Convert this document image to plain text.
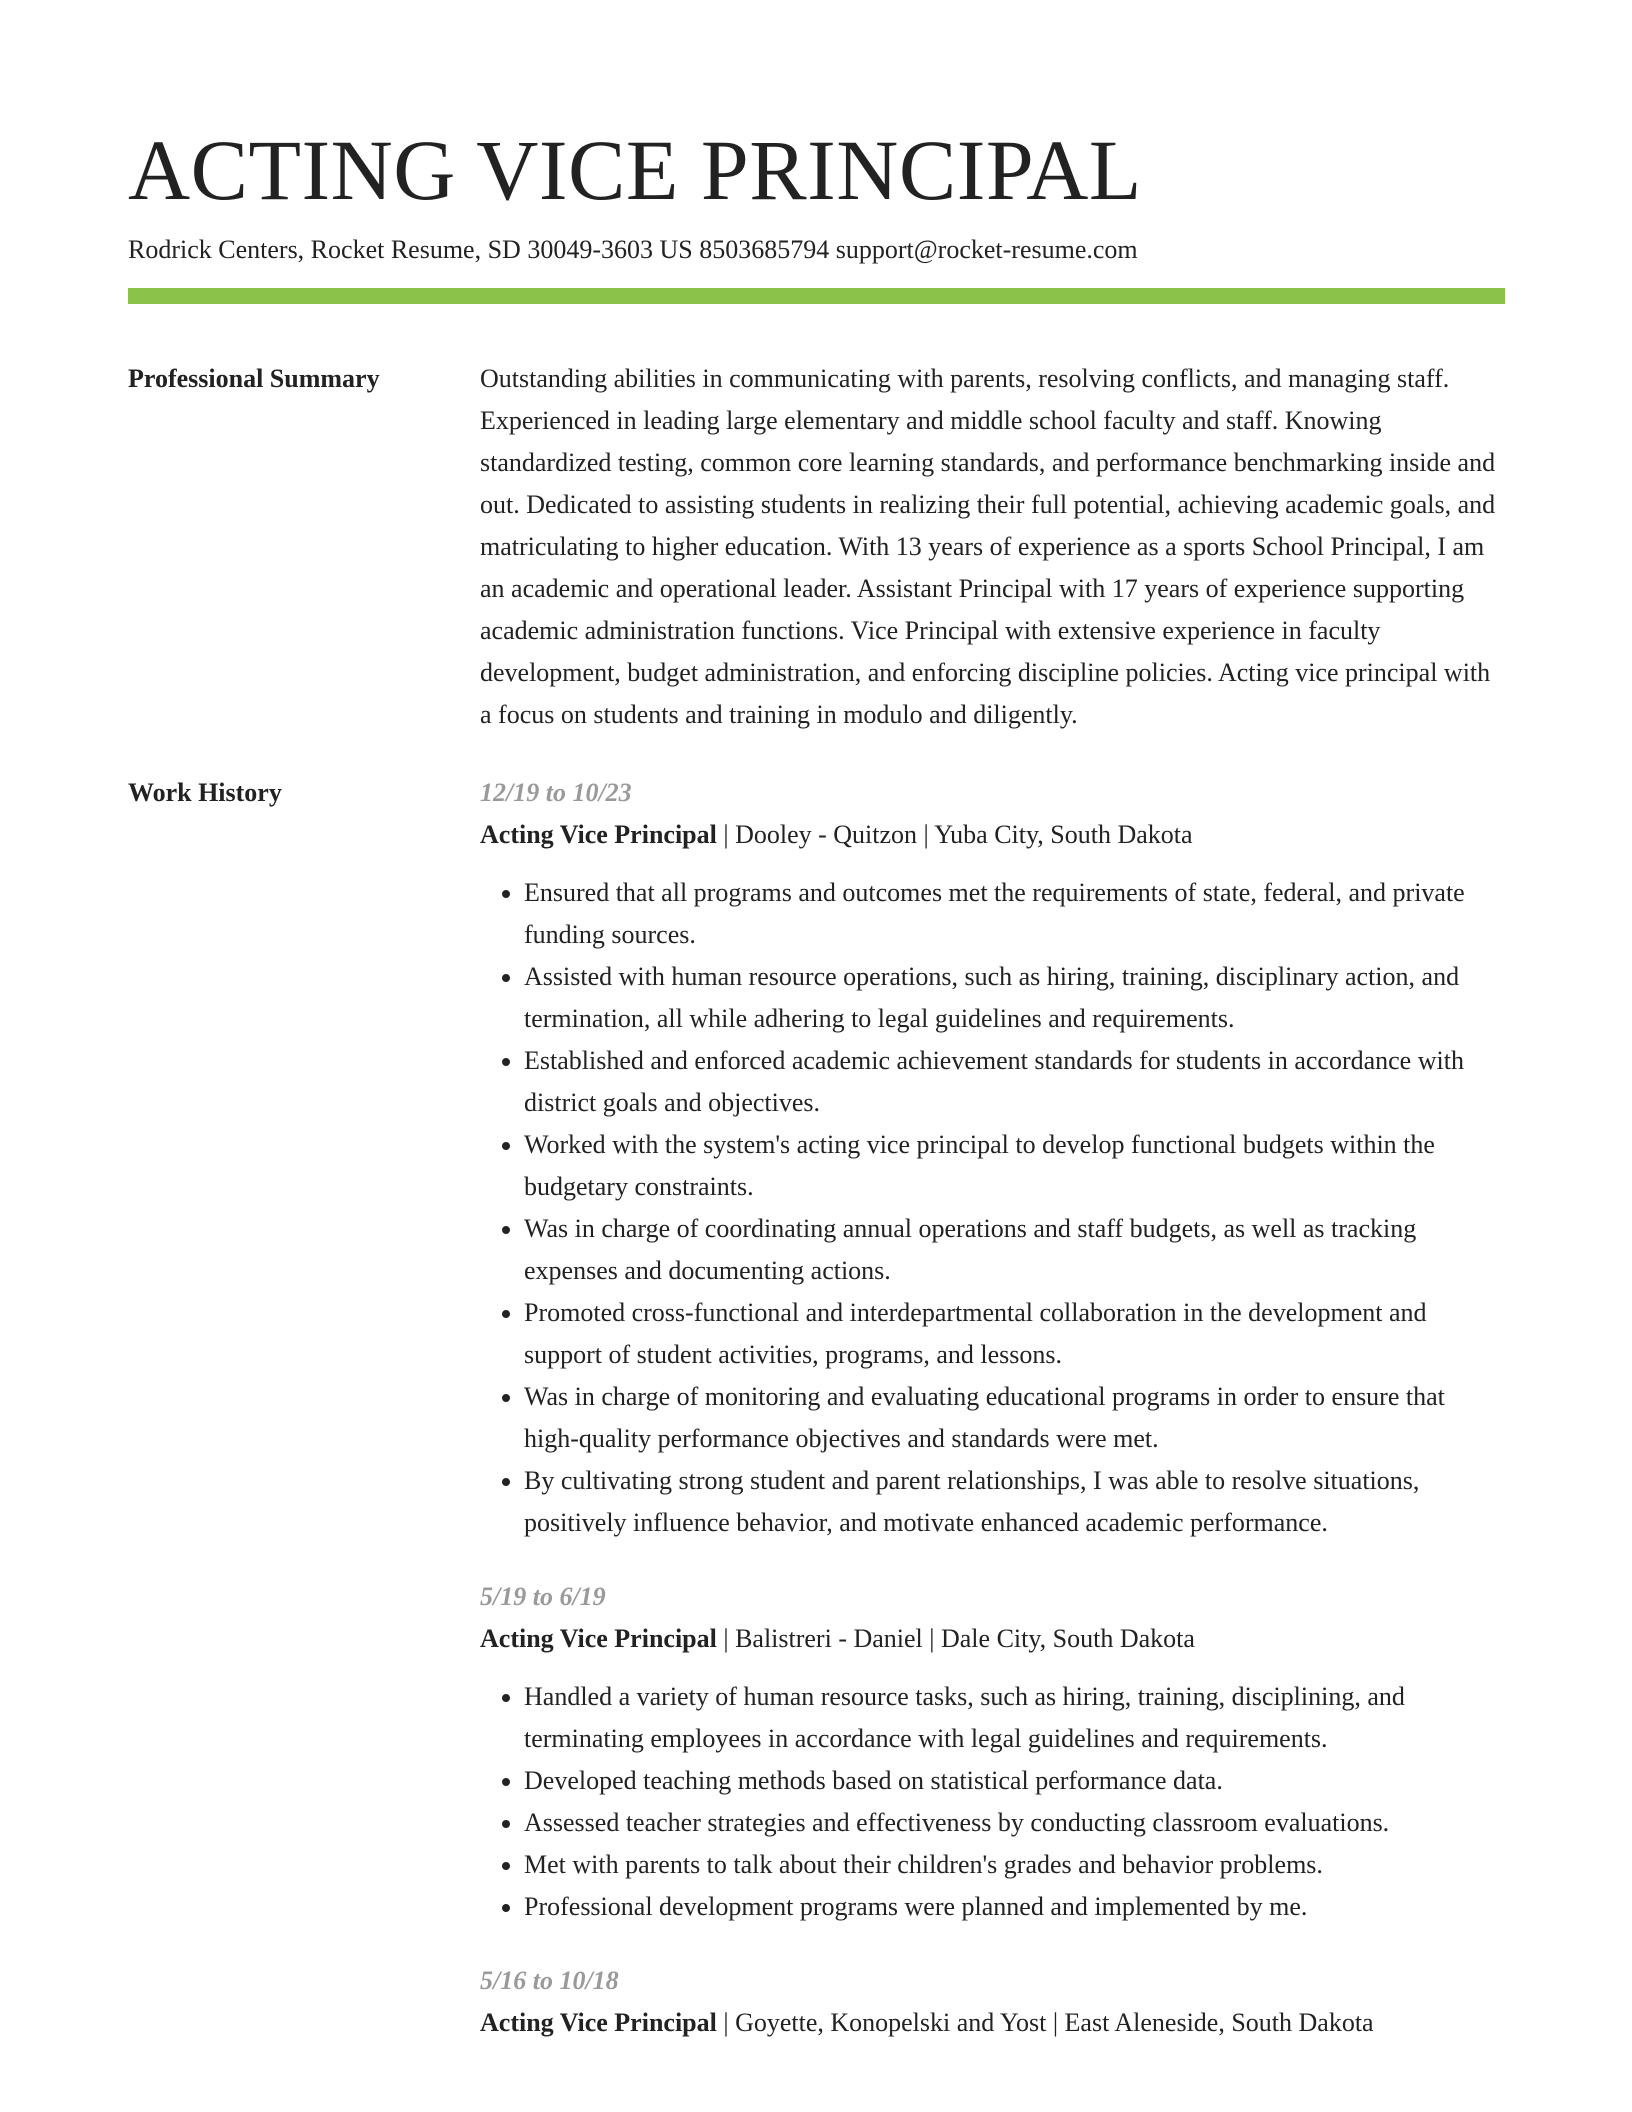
ACTING VICE PRINCIPAL
Rodrick Centers, Rocket Resume, SD 30049-3603 US 8503685794 support@rocket-resume.com
Professional Summary	Outstanding abilities in communicating with parents, resolving conflicts, and managing staff. Experienced in leading large elementary and middle school faculty and staff. Knowing standardized testing, common core learning standards, and performance benchmarking inside and out. Dedicated to assisting students in realizing their full potential, achieving academic goals, and matriculating to higher education. With 13 years of experience as a sports School Principal, I am an academic and operational leader. Assistant Principal with 17 years of experience supporting academic administration functions. Vice Principal with extensive experience in faculty development, budget administration, and enforcing discipline policies. Acting vice principal with a focus on students and training in modulo and diligently.

Work History	12/19 to 10/23
Acting Vice Principal | Dooley - Quitzon | Yuba City, South Dakota
• Ensured that all programs and outcomes met the requirements of state, federal, and private funding sources.
• Assisted with human resource operations, such as hiring, training, disciplinary action, and termination, all while adhering to legal guidelines and requirements.
• Established and enforced academic achievement standards for students in accordance with district goals and objectives.
• Worked with the system's acting vice principal to develop functional budgets within the budgetary constraints.
• Was in charge of coordinating annual operations and staff budgets, as well as tracking expenses and documenting actions.
• Promoted cross-functional and interdepartmental collaboration in the development and support of student activities, programs, and lessons.
• Was in charge of monitoring and evaluating educational programs in order to ensure that high-quality performance objectives and standards were met.
• By cultivating strong student and parent relationships, I was able to resolve situations, positively influence behavior, and motivate enhanced academic performance.
5/19 to 6/19
Acting Vice Principal | Balistreri - Daniel | Dale City, South Dakota
• Handled a variety of human resource tasks, such as hiring, training, disciplining, and terminating employees in accordance with legal guidelines and requirements.
• Developed teaching methods based on statistical performance data.
• Assessed teacher strategies and effectiveness by conducting classroom evaluations.
• Met with parents to talk about their children's grades and behavior problems.
• Professional development programs were planned and implemented by me.
5/16 to 10/18
Acting Vice Principal | Goyette, Konopelski and Yost | East Aleneside, South Dakota
